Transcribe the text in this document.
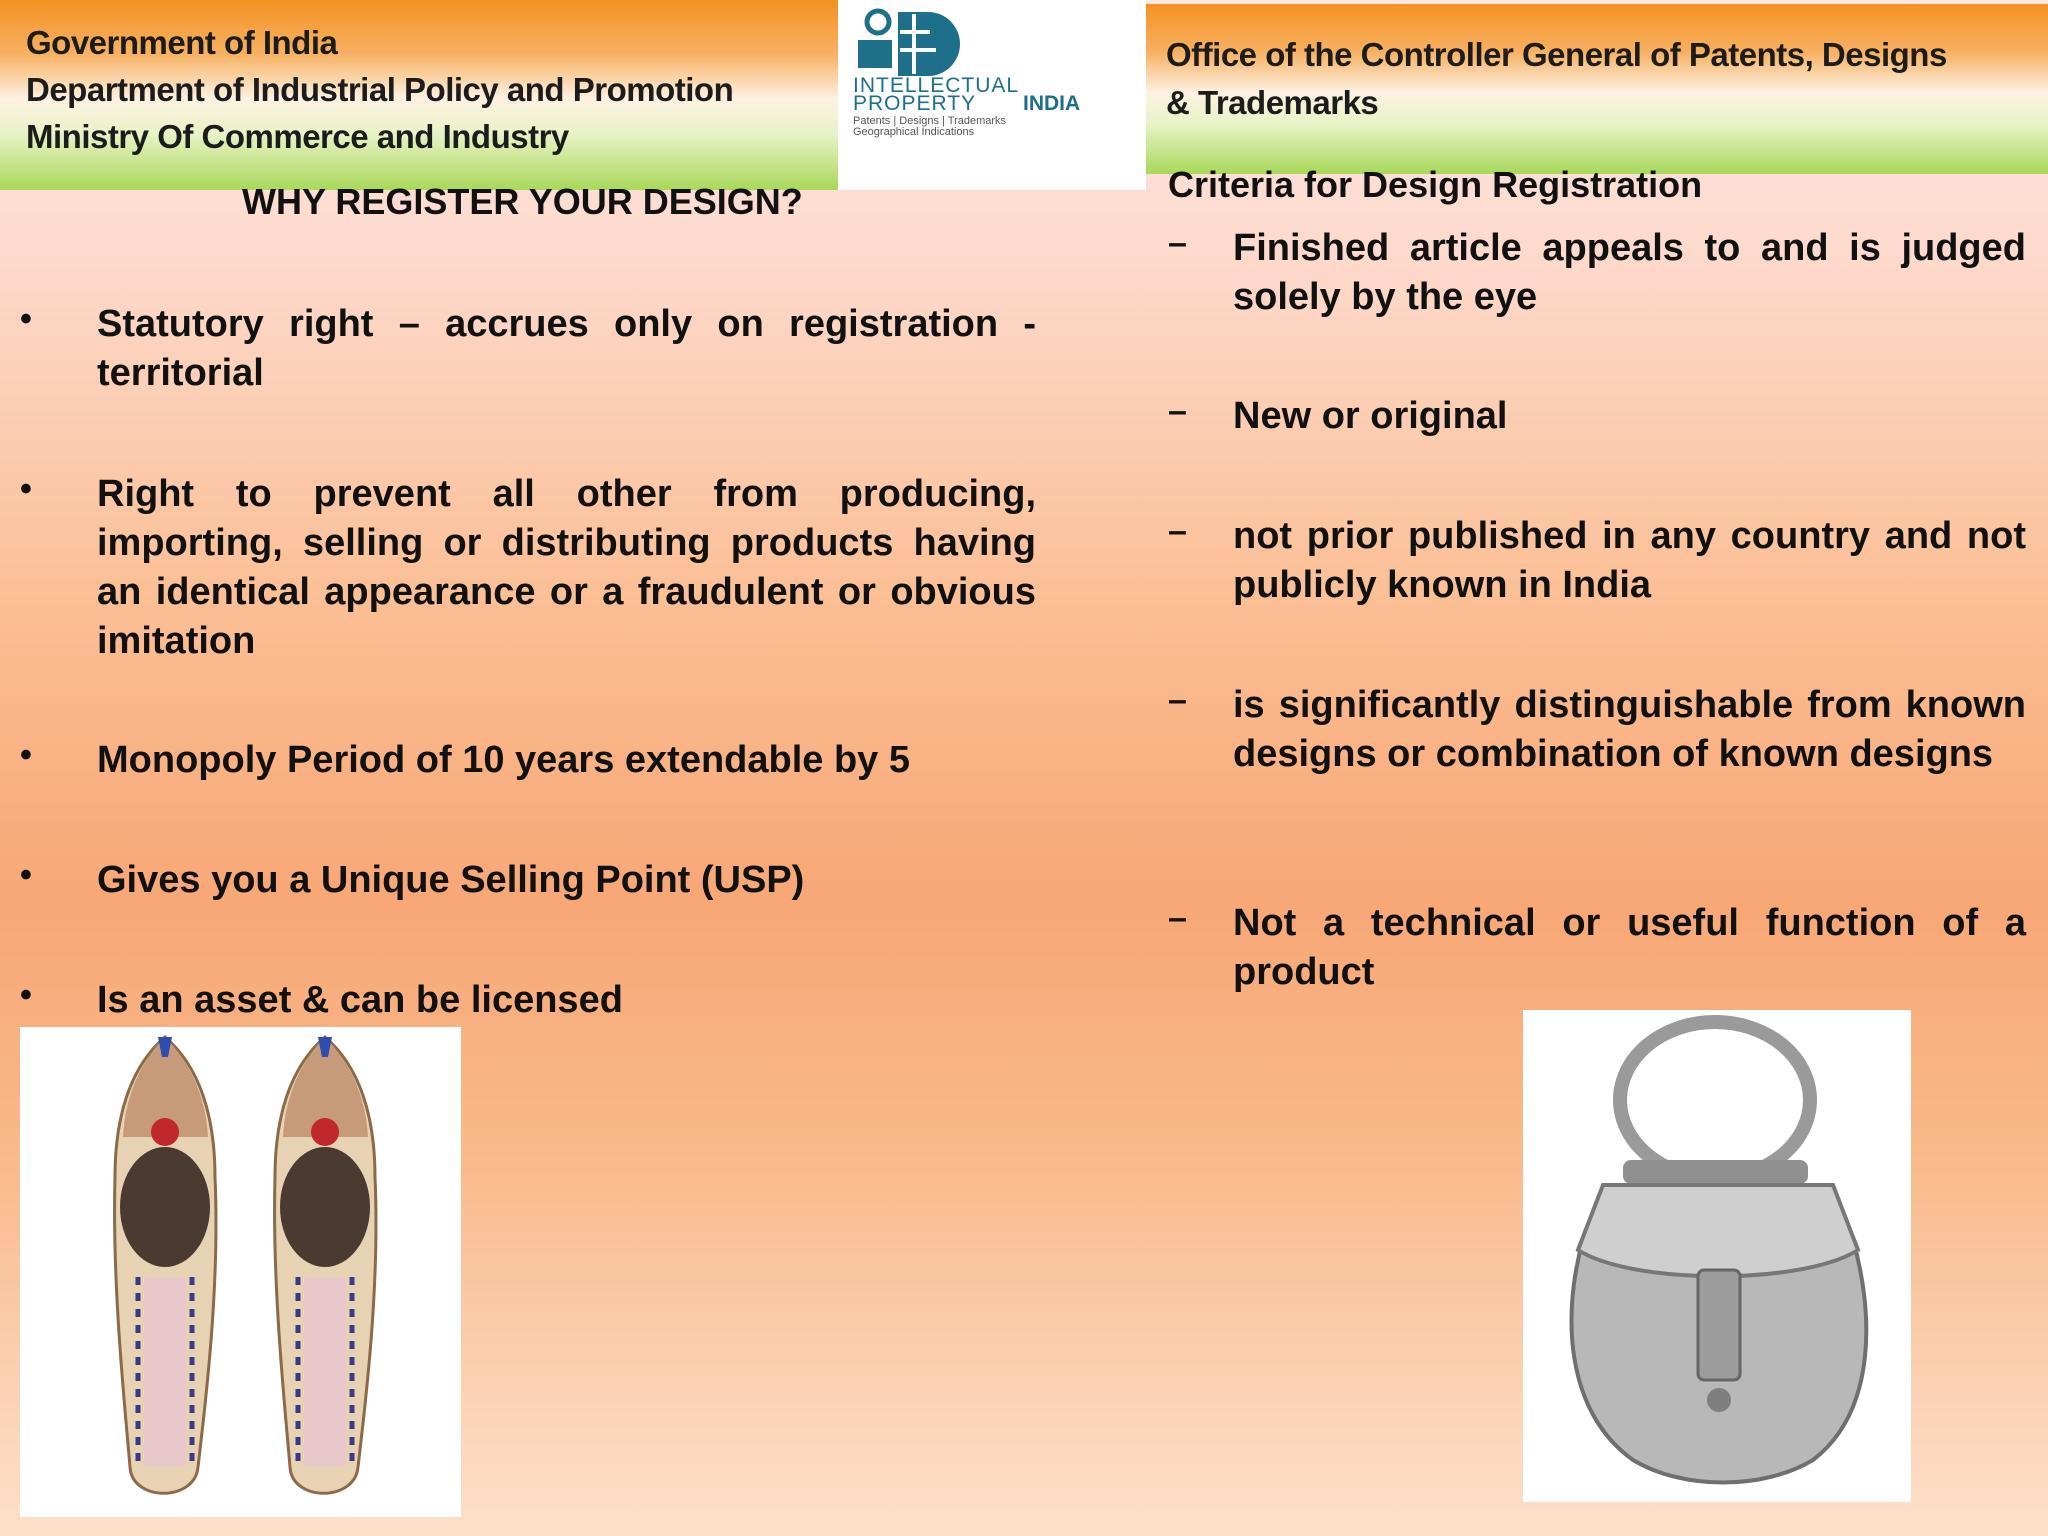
Government of India
Department of Industrial Policy and Promotion
Ministry Of Commerce and Industry
INTELLECTUAL
PROPERTY INDIA
Patents | Designs | Trademarks
Geographical Indications
Office of the Controller General of Patents, Designs
& Trademarks
WHY REGISTER YOUR DESIGN?
• Statutory right – accrues only on registration - territorial
• Right to prevent all other from producing, importing, selling or distributing products having an identical appearance or a fraudulent or obvious imitation
• Monopoly Period of 10 years extendable by 5
• Gives you a Unique Selling Point (USP)
• Is an asset & can be licensed
Criteria for Design Registration
– Finished article appeals to and is judged solely by the eye
– New or original
– not prior published in any country and not publicly known in India
– is significantly distinguishable from known designs or combination of known designs
– Not a technical or useful function of a product
